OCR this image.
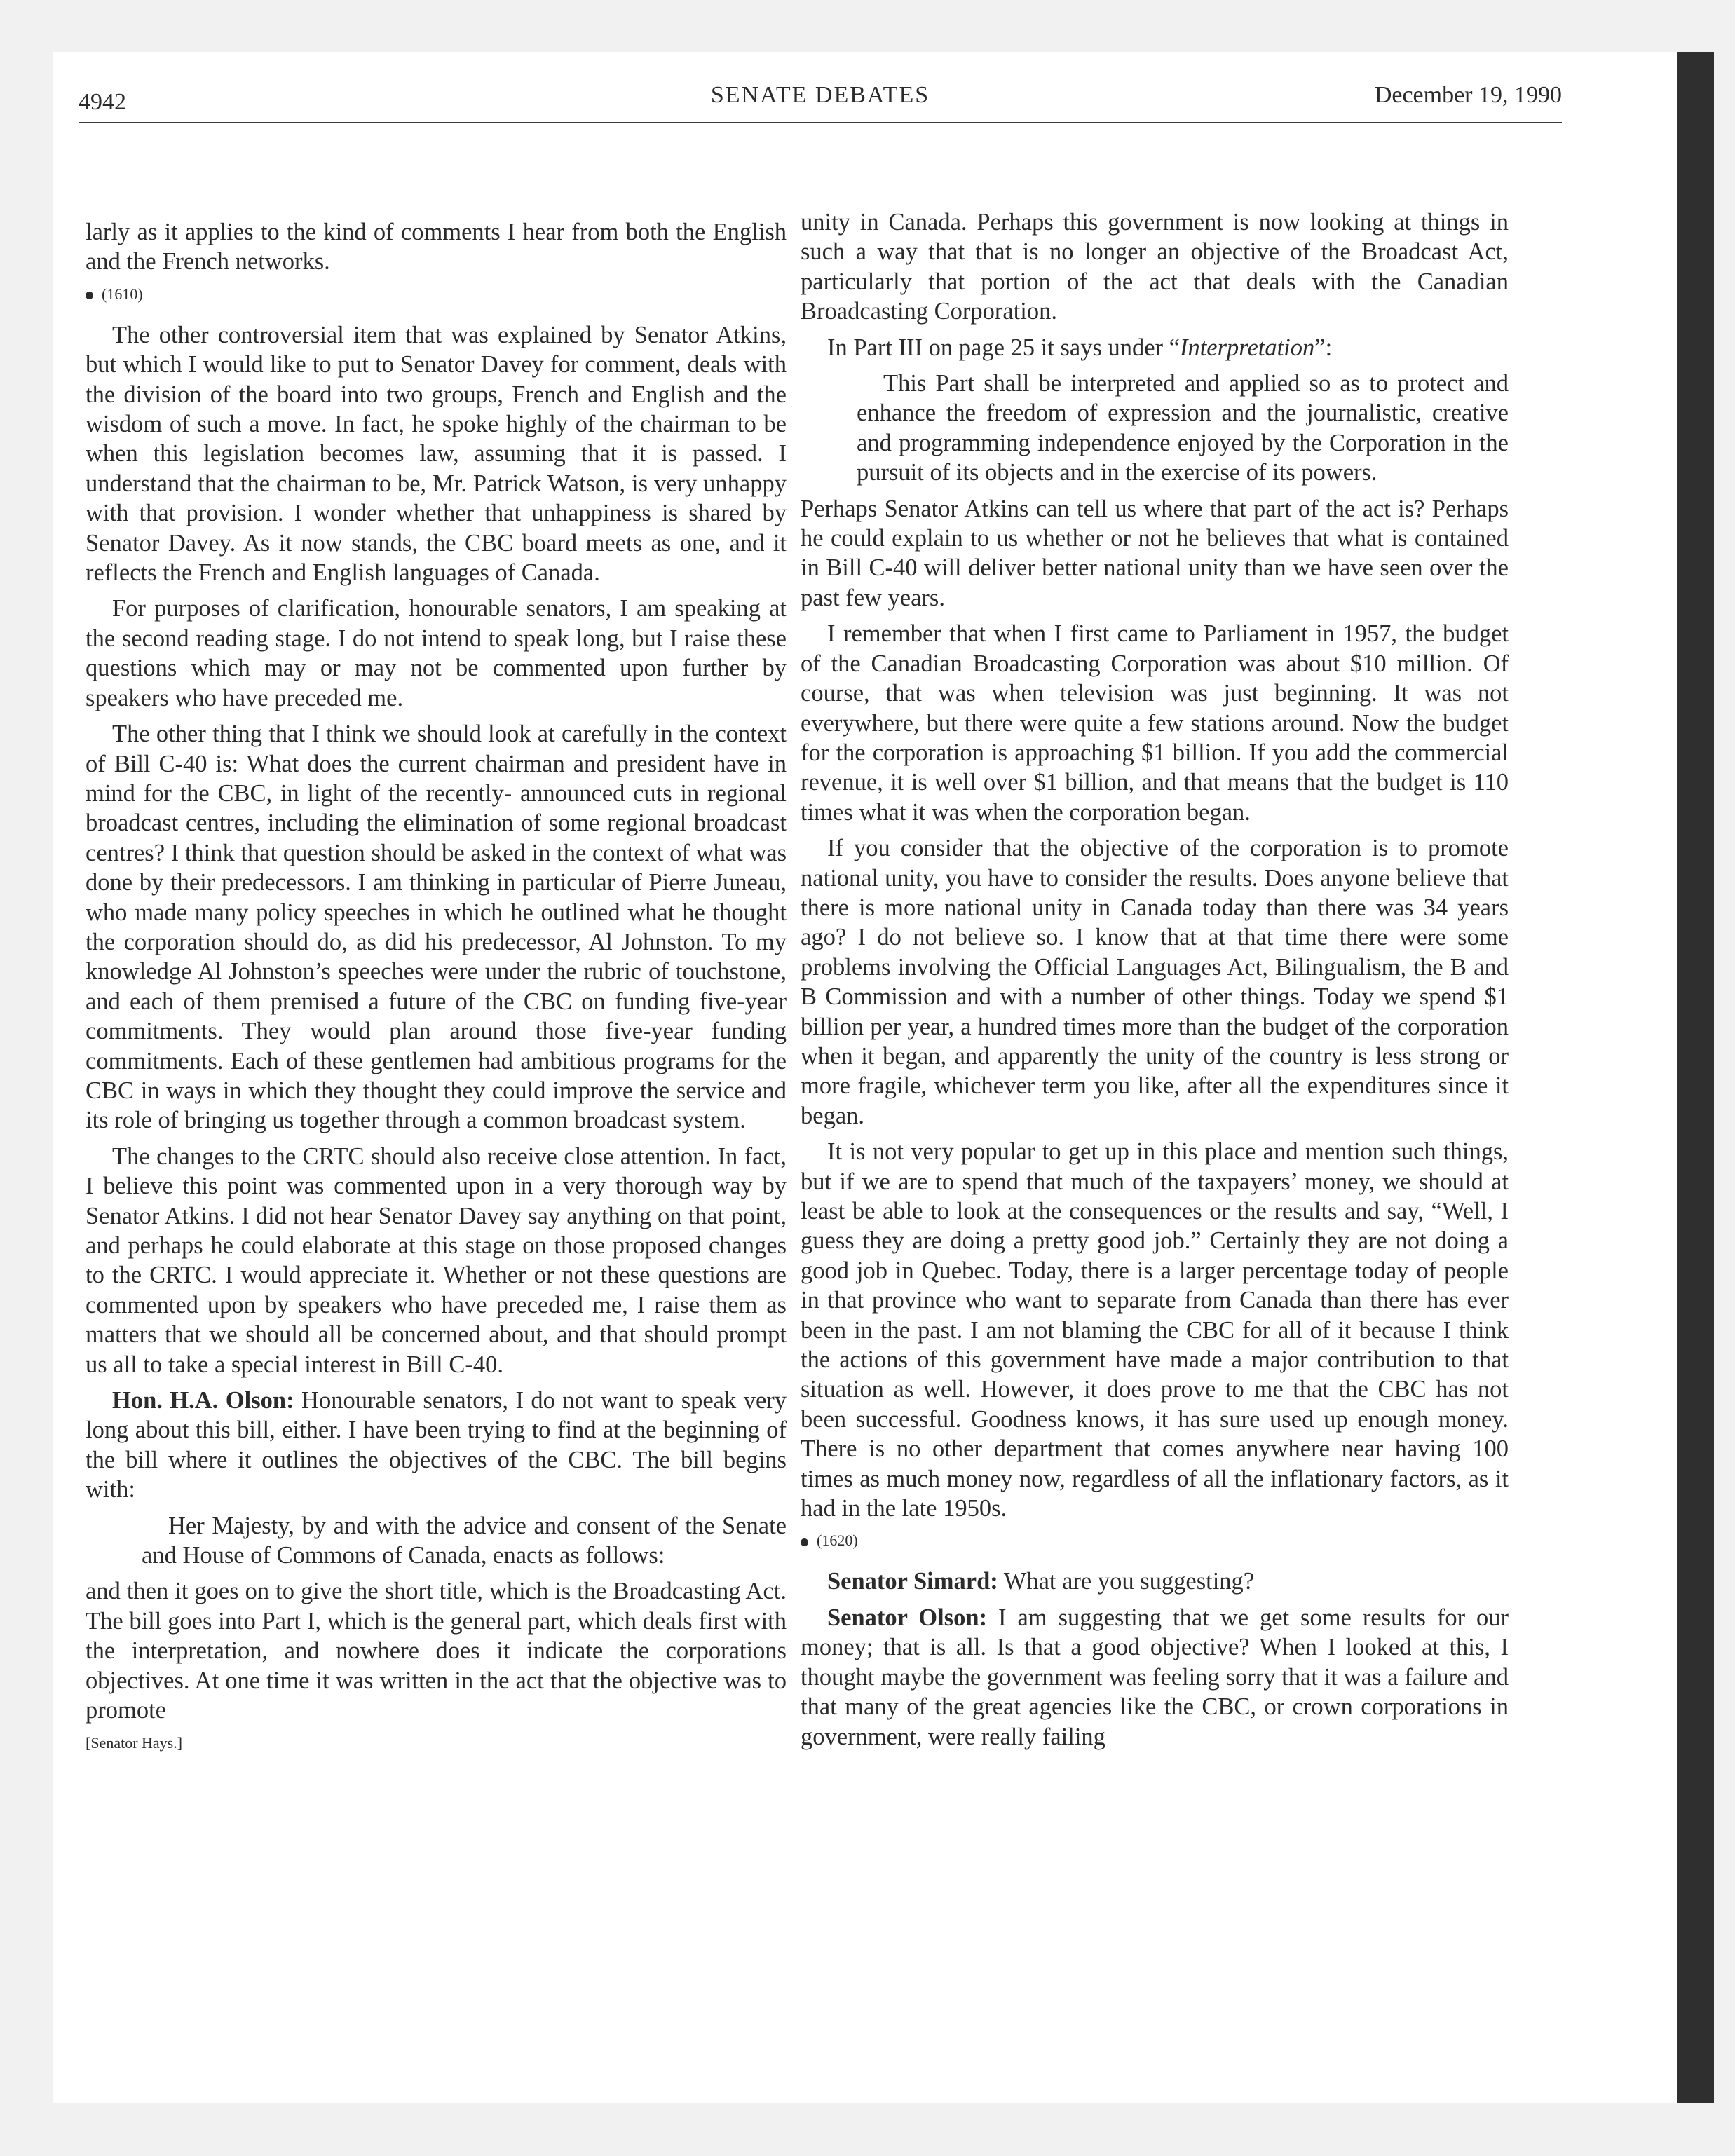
4942	SENATE DEBATES	December 19, 1990

larly as it applies to the kind of comments I hear from both the English and the French networks.

(1610)

The other controversial item that was explained by Senator Atkins, but which I would like to put to Senator Davey for comment, deals with the division of the board into two groups, French and English and the wisdom of such a move. In fact, he spoke highly of the chairman to be when this legislation becomes law, assuming that it is passed. I understand that the chairman to be, Mr. Patrick Watson, is very unhappy with that provision. I wonder whether that unhappiness is shared by Senator Davey. As it now stands, the CBC board meets as one, and it reflects the French and English languages of Canada.

For purposes of clarification, honourable senators, I am speaking at the second reading stage. I do not intend to speak long, but I raise these questions which may or may not be commented upon further by speakers who have preceded me.

The other thing that I think we should look at carefully in the context of Bill C-40 is: What does the current chairman and president have in mind for the CBC, in light of the recently- announced cuts in regional broadcast centres, including the elimination of some regional broadcast centres? I think that question should be asked in the context of what was done by their predecessors. I am thinking in particular of Pierre Juneau, who made many policy speeches in which he outlined what he thought the corporation should do, as did his predecessor, Al Johnston. To my knowledge Al Johnston’s speeches were under the rubric of touchstone, and each of them premised a future of the CBC on funding five-year commitments. They would plan around those five-year funding commitments. Each of these gentlemen had ambitious programs for the CBC in ways in which they thought they could improve the service and its role of bringing us together through a common broadcast system.

The changes to the CRTC should also receive close attention. In fact, I believe this point was commented upon in a very thorough way by Senator Atkins. I did not hear Senator Davey say anything on that point, and perhaps he could elaborate at this stage on those proposed changes to the CRTC. I would appreciate it. Whether or not these questions are commented upon by speakers who have preceded me, I raise them as matters that we should all be concerned about, and that should prompt us all to take a special interest in Bill C-40.

Hon. H.A. Olson: Honourable senators, I do not want to speak very long about this bill, either. I have been trying to find at the beginning of the bill where it outlines the objectives of the CBC. The bill begins with:

Her Majesty, by and with the advice and consent of the Senate and House of Commons of Canada, enacts as follows:

and then it goes on to give the short title, which is the Broadcasting Act. The bill goes into Part I, which is the general part, which deals first with the interpretation, and nowhere does it indicate the corporations objectives. At one time it was written in the act that the objective was to promote

[Senator Hays.]

unity in Canada. Perhaps this government is now looking at things in such a way that that is no longer an objective of the Broadcast Act, particularly that portion of the act that deals with the Canadian Broadcasting Corporation.

In Part III on page 25 it says under “Interpretation”:

This Part shall be interpreted and applied so as to protect and enhance the freedom of expression and the journalistic, creative and programming independence enjoyed by the Corporation in the pursuit of its objects and in the exercise of its powers.

Perhaps Senator Atkins can tell us where that part of the act is? Perhaps he could explain to us whether or not he believes that what is contained in Bill C-40 will deliver better national unity than we have seen over the past few years.

I remember that when I first came to Parliament in 1957, the budget of the Canadian Broadcasting Corporation was about $10 million. Of course, that was when television was just beginning. It was not everywhere, but there were quite a few stations around. Now the budget for the corporation is approaching $1 billion. If you add the commercial revenue, it is well over $1 billion, and that means that the budget is 110 times what it was when the corporation began.

If you consider that the objective of the corporation is to promote national unity, you have to consider the results. Does anyone believe that there is more national unity in Canada today than there was 34 years ago? I do not believe so. I know that at that time there were some problems involving the Official Languages Act, Bilingualism, the B and B Commission and with a number of other things. Today we spend $1 billion per year, a hundred times more than the budget of the corporation when it began, and apparently the unity of the country is less strong or more fragile, whichever term you like, after all the expenditures since it began.

It is not very popular to get up in this place and mention such things, but if we are to spend that much of the taxpayers’ money, we should at least be able to look at the consequences or the results and say, “Well, I guess they are doing a pretty good job.” Certainly they are not doing a good job in Quebec. Today, there is a larger percentage today of people in that province who want to separate from Canada than there has ever been in the past. I am not blaming the CBC for all of it because I think the actions of this government have made a major contribution to that situation as well. However, it does prove to me that the CBC has not been successful. Goodness knows, it has sure used up enough money. There is no other department that comes anywhere near having 100 times as much money now, regardless of all the inflationary factors, as it had in the late 1950s.

(1620)

Senator Simard: What are you suggesting?

Senator Olson: I am suggesting that we get some results for our money; that is all. Is that a good objective? When I looked at this, I thought maybe the government was feeling sorry that it was a failure and that many of the great agencies like the CBC, or crown corporations in government, were really failing
